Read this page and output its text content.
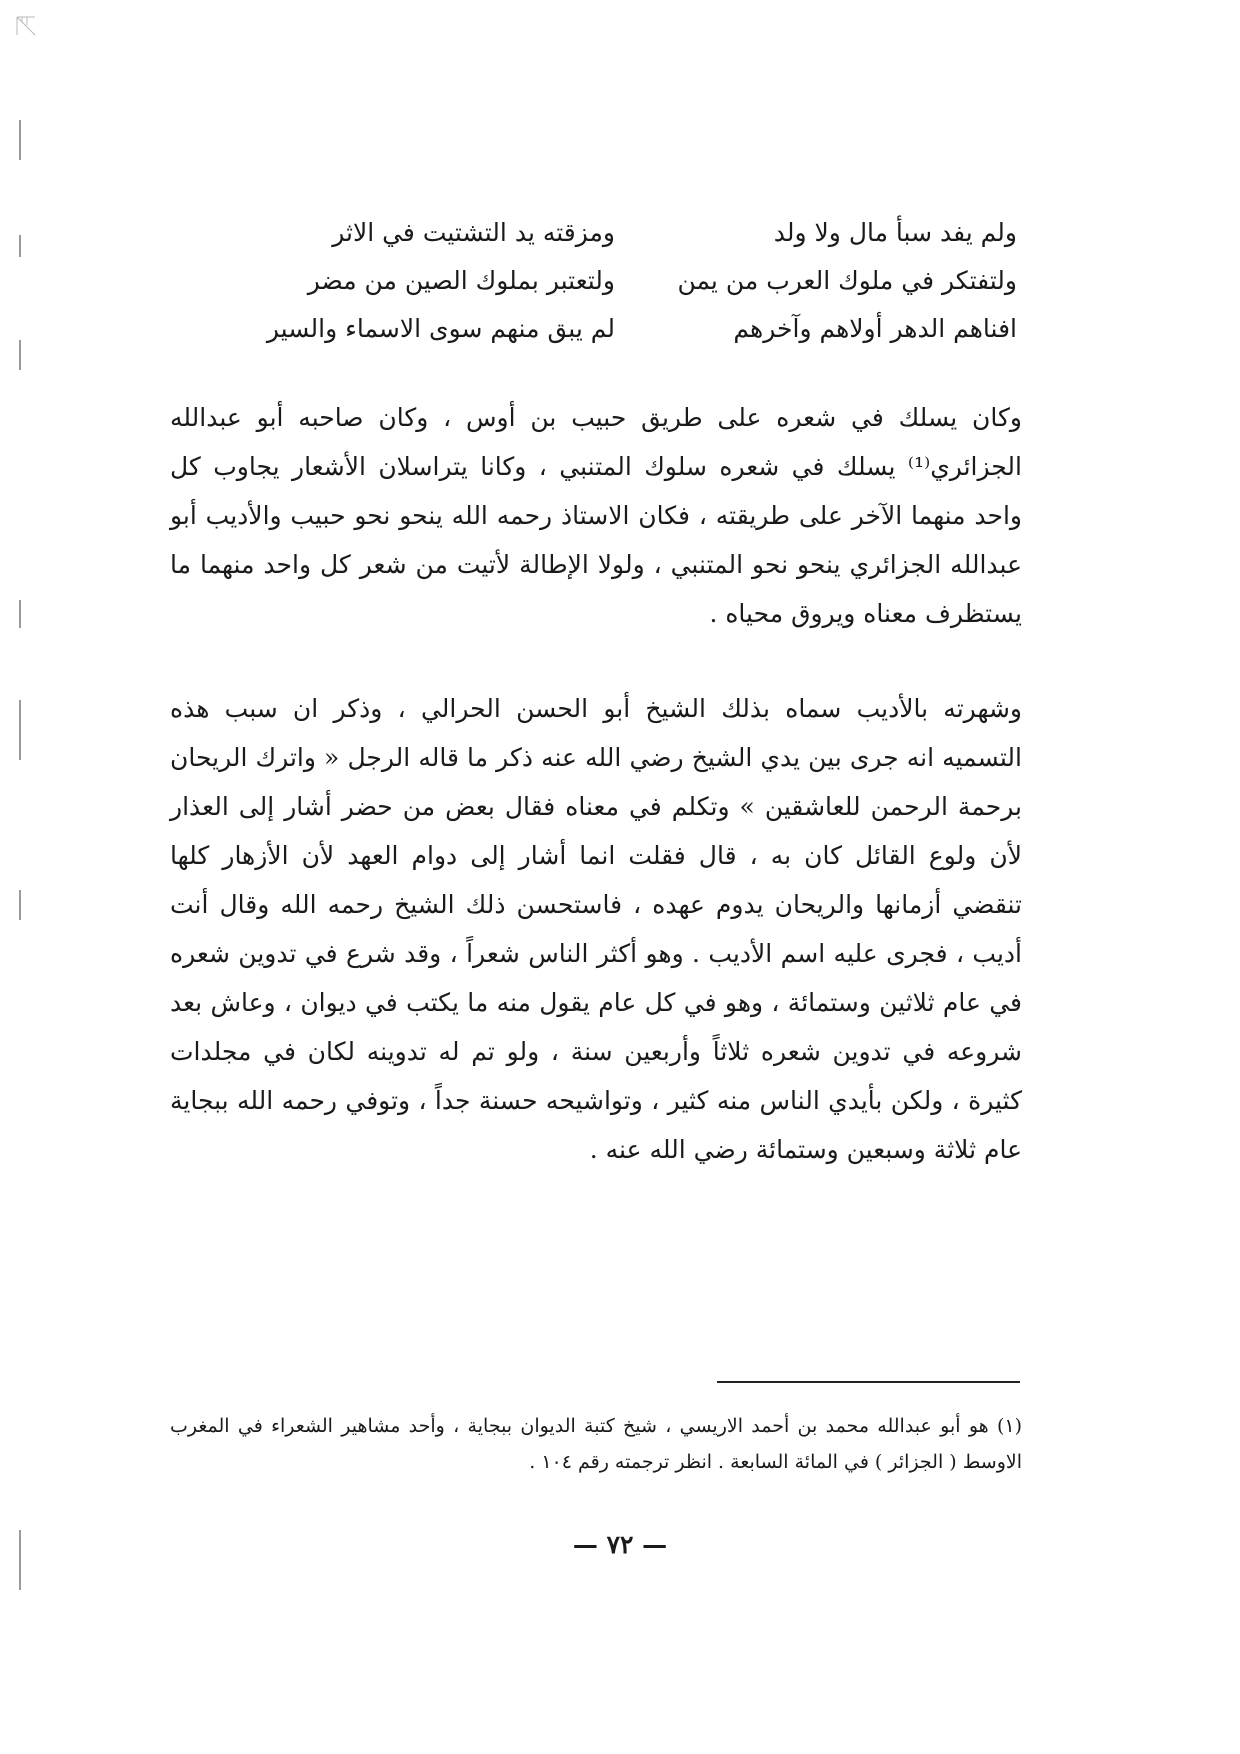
ولم يفد سبأ مال ولا ولد
ومزقته يد التشتيت في الاثر
ولتفتكر في ملوك العرب من يمن
ولتعتبر بملوك الصين من مضر
افناهم الدهر أولاهم وآخرهم
لم يبق منهم سوى الاسماء والسير

وكان يسلك في شعره على طريق حبيب بن أوس ، وكان صاحبه أبو عبدالله الجزائري⁽¹⁾ يسلك في شعره سلوك المتنبي ، وكانا يتراسلان الأشعار يجاوب كل واحد منهما الآخر على طريقته ، فكان الاستاذ رحمه الله ينحو نحو حبيب والأديب أبو عبدالله الجزائري ينحو نحو المتنبي ، ولولا الإطالة لأتيت من شعر كل واحد منهما ما يستظرف معناه ويروق محياه .

وشهرته بالأديب سماه بذلك الشيخ أبو الحسن الحرالي ، وذكر ان سبب هذه التسميه انه جرى بين يدي الشيخ رضي الله عنه ذكر ما قاله الرجل « واترك الريحان برحمة الرحمن للعاشقين » وتكلم في معناه فقال بعض من حضر أشار إلى العذار لأن ولوع القائل كان به ، قال فقلت انما أشار إلى دوام العهد لأن الأزهار كلها تنقضي أزمانها والريحان يدوم عهده ، فاستحسن ذلك الشيخ رحمه الله وقال أنت أديب ، فجرى عليه اسم الأديب . وهو أكثر الناس شعراً ، وقد شرع في تدوين شعره في عام ثلاثين وستمائة ، وهو في كل عام يقول منه ما يكتب في ديوان ، وعاش بعد شروعه في تدوين شعره ثلاثاً وأربعين سنة ، ولو تم له تدوينه لكان في مجلدات كثيرة ، ولكن بأيدي الناس منه كثير ، وتواشيحه حسنة جداً ، وتوفي رحمه الله ببجاية عام ثلاثة وسبعين وستمائة رضي الله عنه .

(١) هو أبو عبدالله محمد بن أحمد الاريسي ، شيخ كتبة الديوان ببجاية ، وأحد مشاهير الشعراء في المغرب الاوسط ( الجزائر ) في المائة السابعة . انظر ترجمته رقم ١٠٤ .

— ٧٢ —
